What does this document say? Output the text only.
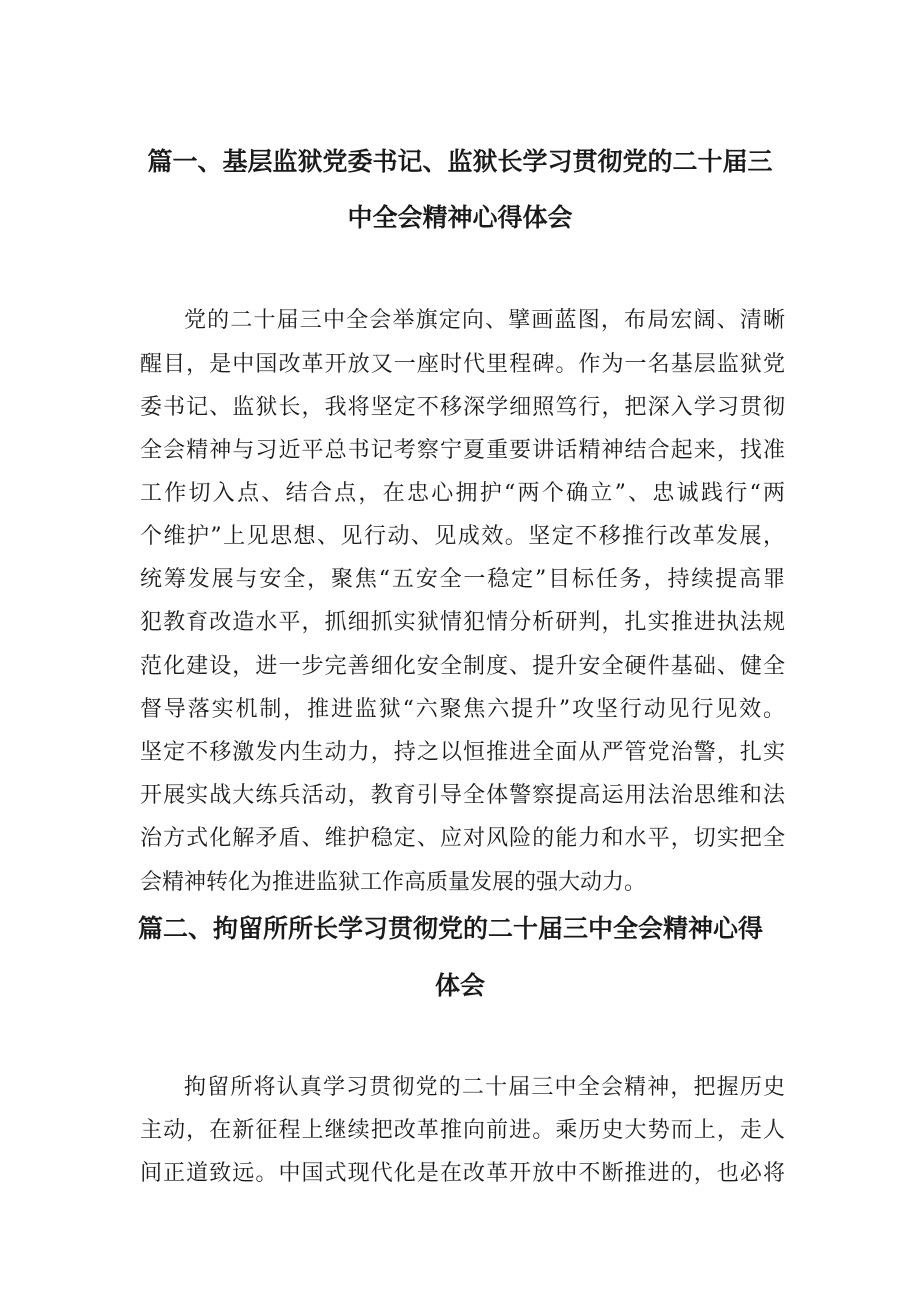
篇一、基层监狱党委书记、监狱长学习贯彻党的二十届三
中全会精神心得体会
党的二十届三中全会举旗定向、擘画蓝图，布局宏阔、清晰
醒目，是中国改革开放又一座时代里程碑。作为一名基层监狱党
委书记、监狱长，我将坚定不移深学细照笃行，把深入学习贯彻
全会精神与习近平总书记考察宁夏重要讲话精神结合起来，找准
工作切入点、结合点，在忠心拥护“两个确立”、忠诚践行“两
个维护”上见思想、见行动、见成效。坚定不移推行改革发展，
统筹发展与安全，聚焦“五安全一稳定”目标任务，持续提高罪
犯教育改造水平，抓细抓实狱情犯情分析研判，扎实推进执法规
范化建设，进一步完善细化安全制度、提升安全硬件基础、健全
督导落实机制，推进监狱“六聚焦六提升”攻坚行动见行见效。
坚定不移激发内生动力，持之以恒推进全面从严管党治警，扎实
开展实战大练兵活动，教育引导全体警察提高运用法治思维和法
治方式化解矛盾、维护稳定、应对风险的能力和水平，切实把全
会精神转化为推进监狱工作高质量发展的强大动力。
篇二、拘留所所长学习贯彻党的二十届三中全会精神心得
体会
拘留所将认真学习贯彻党的二十届三中全会精神，把握历史
主动，在新征程上继续把改革推向前进。乘历史大势而上，走人
间正道致远。中国式现代化是在改革开放中不断推进的，也必将
